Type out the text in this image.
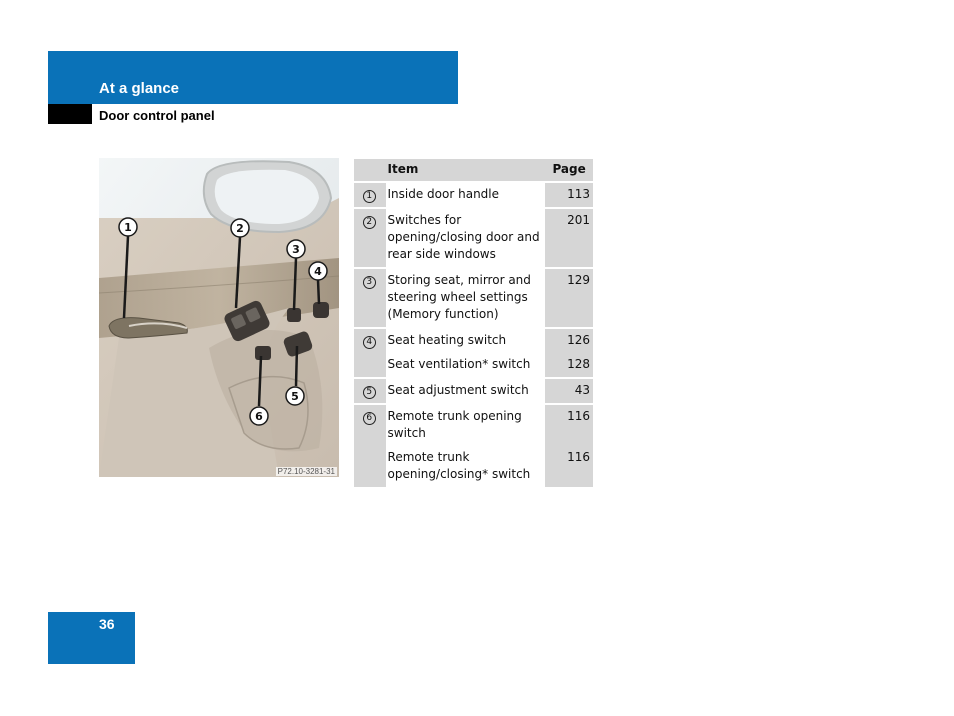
At a glance
Door control panel
1	2
3
4
5
6
P72.10-3281-31
	Item	Page
1	Inside door handle	113
2	Switches for opening/closing door and rear side windows	201
3	Storing seat, mirror and steering wheel settings (Memory function)	129
4	Seat heating switch	126
	Seat ventilation* switch	128
5	Seat adjustment switch	43
6	Remote trunk opening switch	116
	Remote trunk opening/closing* switch	116
36
